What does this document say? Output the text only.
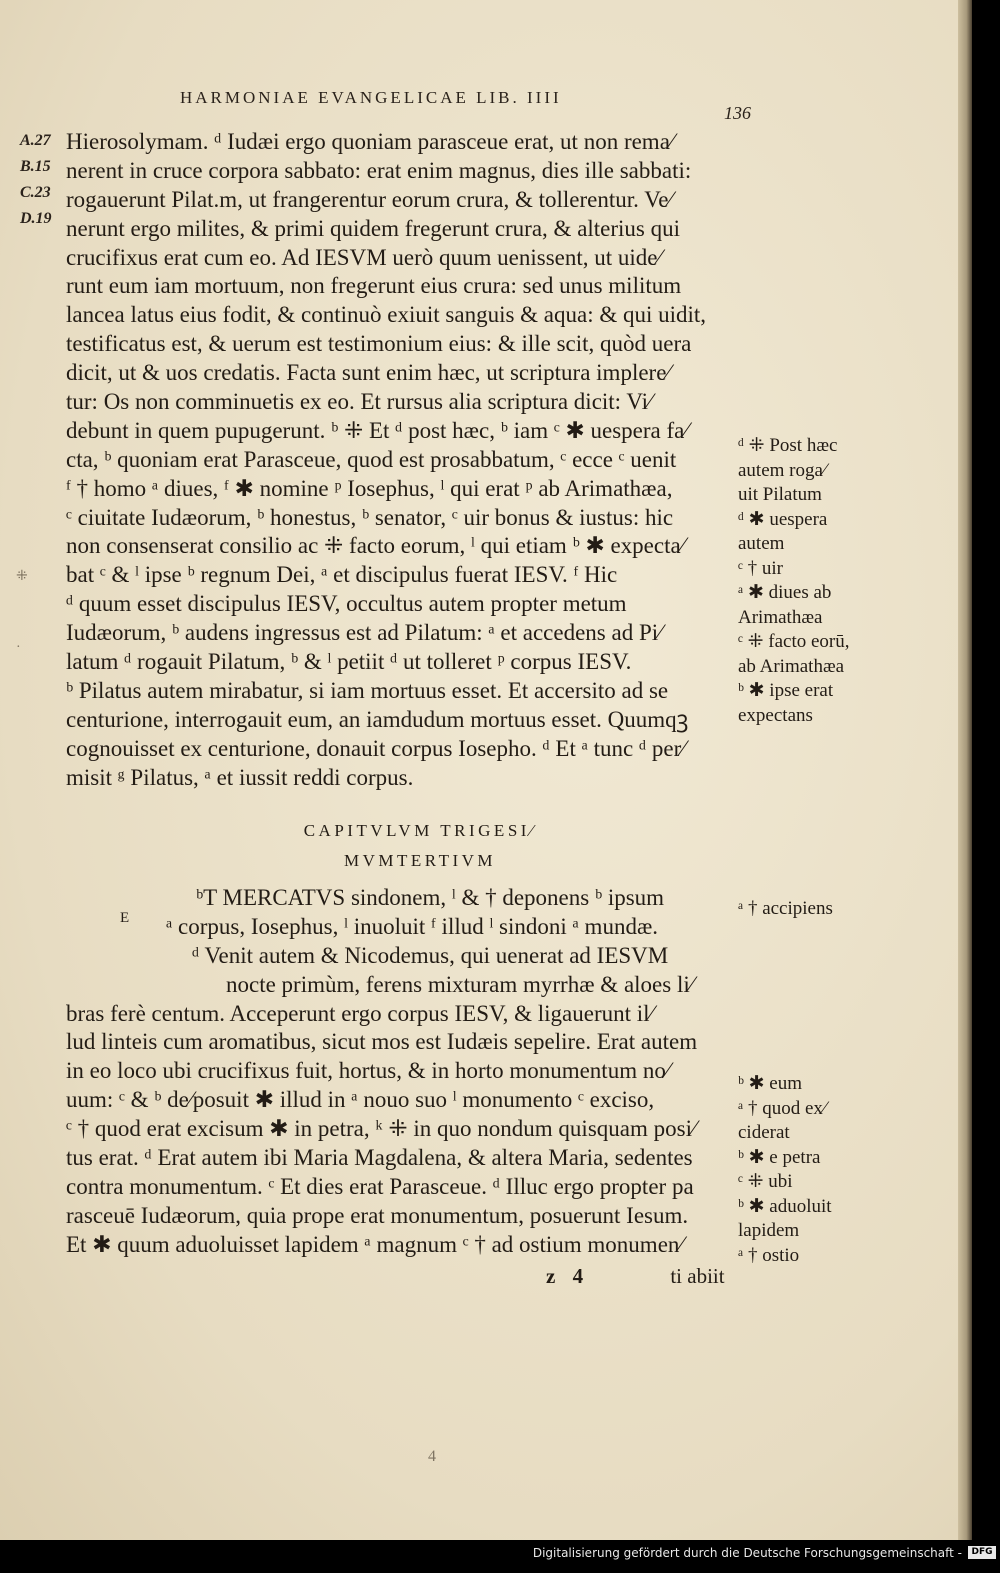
HARMONIAE EVANGELICAE LIB. IIII
136
A.27
B.15
C.23
D.19
⁜
·
Hierosolymam. ᵈ Iudæi ergo quoniam parasceue erat, ut non rema⁄
nerent in cruce corpora sabbato: erat enim magnus, dies ille sabbati:
rogauerunt Pilat.m, ut frangerentur eorum crura, & tollerentur. Ve⁄
nerunt ergo milites, & primi quidem fregerunt crura, & alterius qui
crucifixus erat cum eo. Ad IESVM uerò quum uenissent, ut uide⁄
runt eum iam mortuum, non fregerunt eius crura: sed unus militum
lancea latus eius fodit, & continuò exiuit sanguis & aqua: & qui uidit,
testificatus est, & uerum est testimonium eius: & ille scit, quòd uera
dicit, ut & uos credatis. Facta sunt enim hæc, ut scriptura implere⁄
tur: Os non comminuetis ex eo. Et rursus alia scriptura dicit: Vi⁄
debunt in quem pupugerunt. ᵇ ⁜ Et ᵈ post hæc, ᵇ iam ᶜ ✱ uespera fa⁄
cta, ᵇ quoniam erat Parasceue, quod est prosabbatum, ᶜ ecce ᶜ uenit
ᶠ † homo ᵃ diues, ᶠ ✱ nomine ᵖ Iosephus, ˡ qui erat ᵖ ab Arimathæa,
ᶜ ciuitate Iudæorum, ᵇ honestus, ᵇ senator, ᶜ uir bonus & iustus: hic
non consenserat consilio ac ⁜ facto eorum, ˡ qui etiam ᵇ ✱ expecta⁄
bat ᶜ & ˡ ipse ᵇ regnum Dei, ᵃ et discipulus fuerat IESV. ᶠ Hic
ᵈ quum esset discipulus IESV, occultus autem propter metum
Iudæorum, ᵇ audens ingressus est ad Pilatum: ᵃ et accedens ad Pi⁄
latum ᵈ rogauit Pilatum, ᵇ & ˡ petiit ᵈ ut tolleret ᵖ corpus IESV.
ᵇ Pilatus autem mirabatur, si iam mortuus esset. Et accersito ad se
centurione, interrogauit eum, an iamdudum mortuus esset. Quumqꝫ
cognouisset ex centurione, donauit corpus Iosepho. ᵈ Et ᵃ tunc ᵈ per⁄
misit ᵍ Pilatus, ᵃ et iussit reddi corpus.
CAPITVLVM TRIGESI⁄
MVMTERTIVM
E
ᵇT MERCATVS sindonem, ˡ & † deponens ᵇ ipsum
ᵃ corpus, Iosephus, ˡ inuoluit ᶠ illud ˡ sindoni ᵃ mundæ.
ᵈ Venit autem & Nicodemus, qui uenerat ad IESVM
nocte primùm, ferens mixturam myrrhæ & aloes li⁄
bras ferè centum. Acceperunt ergo corpus IESV, & ligauerunt il⁄
lud linteis cum aromatibus, sicut mos est Iudæis sepelire. Erat autem
in eo loco ubi crucifixus fuit, hortus, & in horto monumentum no⁄
uum: ᶜ & ᵇ de⁄posuit ✱ illud in ᵃ nouo suo ˡ monumento ᶜ exciso,
ᶜ † quod erat excisum ✱ in petra, ᵏ ⁜ in quo nondum quisquam posi⁄
tus erat. ᵈ Erat autem ibi Maria Magdalena, & altera Maria, sedentes
contra monumentum. ᶜ Et dies erat Parasceue. ᵈ Illuc ergo propter pa
rasceuē Iudæorum, quia prope erat monumentum, posuerunt Iesum.
Et ✱ quum aduoluisset lapidem ᵃ magnum ᶜ † ad ostium monumen⁄
ᵈ ⁜ Post hæc
autem roga⁄
uit Pilatum
ᵈ ✱ uespera
autem
ᶜ † uir
ᵃ ✱ diues ab
Arimathæa
ᶜ ⁜ facto eorū,
ab Arimathæa
ᵇ ✱ ipse erat
expectans
ᵃ † accipiens
ᵇ ✱ eum
ᵃ † quod ex⁄
ciderat
ᵇ ✱ e petra
ᶜ ⁜ ubi
ᵇ ✱ aduoluit
lapidem
ᵃ † ostio
z 4	ti abiit
4
Digitalisierung gefördert durch die Deutsche Forschungsgemeinschaft -	DFG
